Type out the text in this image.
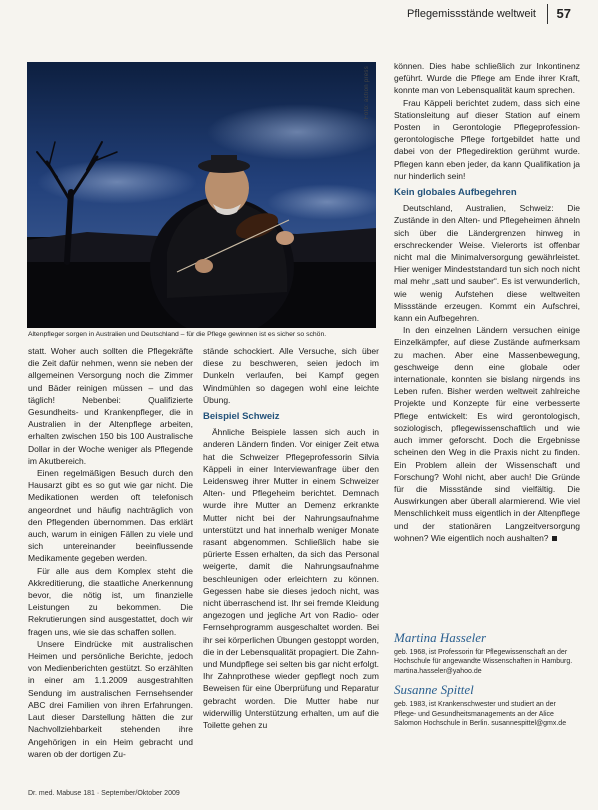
Pflegemissstände weltweit 57
Foto: action press
Altenpfleger sorgen in Australien und Deutschland – für die Pflege gewinnen ist es sicher so schön.

statt. Woher auch sollten die Pflegekräfte die Zeit dafür nehmen, wenn sie neben der allgemeinen Versorgung noch die Zimmer und Bäder reinigen müssen – und das täglich! Nebenbei: Qualifizierte Gesundheits- und Krankenpfleger, die in Australien in der Altenpflege arbeiten, erhalten zwischen 150 bis 100 Australische Dollar in der Woche weniger als Pflegende im Akutbereich.

Einen regelmäßigen Besuch durch den Hausarzt gibt es so gut wie gar nicht. Die Medikationen werden oft telefonisch angeordnet und häufig nachträglich von den Pflegenden übernommen. Das erklärt auch, warum in einigen Fällen zu viele und sich untereinander beeinflussende Medikamente gegeben werden.

Für alle aus dem Komplex steht die Akkreditierung, die staatliche Anerkennung bevor, die nötig ist, um finanzielle Leistungen zu bekommen. Die Rekrutierungen sind ausgestattet, doch wir fragen uns, wie sie das schaffen sollen.

Unsere Eindrücke mit australischen Heimen und persönliche Berichte, jedoch von Medienberichten gestützt. So erzählten in einer am 1.1.2009 ausgestrahlten Sendung im australischen Fernsehsender ABC drei Familien von ihren Erfahrungen. Laut dieser Darstellung hätten die zur Nachvollziehbarkeit stehenden ihre Angehörigen in ein Heim gebracht und waren ob der dortigen Zu-

stände schockiert. Alle Versuche, sich über diese zu beschweren, seien jedoch im Dunkeln verlaufen, bei Kampf gegen Windmühlen so dagegen wohl eine leichte Übung.

Beispiel Schweiz

Ähnliche Beispiele lassen sich auch in anderen Ländern finden. Vor einiger Zeit etwa hat die Schweizer Pflegeprofessorin Silvia Käppeli in einer Interviewanfrage über den Leidensweg ihrer Mutter in einem Schweizer Alten- und Pflegeheim berichtet. Demnach wurde ihre Mutter an Demenz erkrankte Mutter nicht bei der Nahrungsaufnahme unterstützt und hat innerhalb weniger Monate rasant abgenommen. Schließlich habe sie pürierte Essen erhalten, da sich das Personal weigerte, damit die Nahrungsaufnahme beschleunigen oder erleichtern zu können. Gegessen habe sie dieses jedoch nicht, was nicht überraschend ist. Ihr sei fremde Kleidung angezogen und jegliche Art von Radio- oder Fernsehprogramm ausgeschaltet worden. Bei ihr sei körperlichen Übungen gestoppt worden, die in der Lebensqualität propagiert. Die Zahn- und Mundpflege sei selten bis gar nicht erfolgt. Ihr Zahnprothese wieder gepflegt noch zum Beweisen für eine Überprüfung und Reparatur gebracht worden. Die Mutter habe nur widerwillig Unterstützung erhalten, um auf die Toilette gehen zu

können. Dies habe schließlich zur Inkontinenz geführt. Wurde die Pflege am Ende ihrer Kraft, konnte man von Lebensqualität kaum sprechen.

Frau Käppeli berichtet zudem, dass sich eine Stationsleitung auf dieser Station auf einem Posten in Gerontologie Pflegeprofession-gerontologische Pflege fortgebildet hatte und dabei von der Pflegedirektion gerühmt wurde. Pflegen kann eben jeder, da kann Qualifikation ja nur hinderlich sein!

Kein globales Aufbegehren

Deutschland, Australien, Schweiz: Die Zustände in den Alten- und Pflegeheimen ähneln sich über die Ländergrenzen hinweg in erschreckender Weise. Vielerorts ist offenbar nicht mal die Minimalversorgung gewährleistet. Hier weniger Mindeststandard tun sich noch nicht mal mehr „satt und sauber“. Es ist verwunderlich, wie wenig Aufstehen diese weltweiten Missstände erzeugen. Kommt ein Aufschrei, kann ein Aufbegehren.

In den einzelnen Ländern versuchen einige Einzelkämpfer, auf diese Zustände aufmerksam zu machen. Aber eine Massenbewegung, geschweige denn eine globale oder internationale, konnten sie bislang nirgends ins Leben rufen. Bisher werden weltweit zahlreiche Projekte und Konzepte für eine verbesserte Pflege entwickelt: Es wird gerontologisch, soziologisch, pflegewissenschaftlich und wie auch immer geforscht. Doch die Ergebnisse scheinen den Weg in die Praxis nicht zu finden. Ein Problem allein der Wissenschaft und Forschung? Wohl nicht, aber auch! Die Gründe für die Missstände sind vielfältig. Die Auswirkungen aber überall alarmierend. Wie viel Menschlichkeit muss eigentlich in der Altenpflege und der stationären Langzeitversorgung wohnen? Wie eigentlich noch aushalten?

Martina Hasseler
geb. 1968, ist Professorin für Pflegewissenschaft an der Hochschule für angewandte Wissenschaften in Hamburg. martina.hasseler@yahoo.de
Susanne Spittel
geb. 1983, ist Krankenschwester und studiert an der Pflege- und Gesundheitsmanagements an der Alice Salomon Hochschule in Berlin. susannespittel@gmx.de
Dr. med. Mabuse 181 · September/Oktober 2009
